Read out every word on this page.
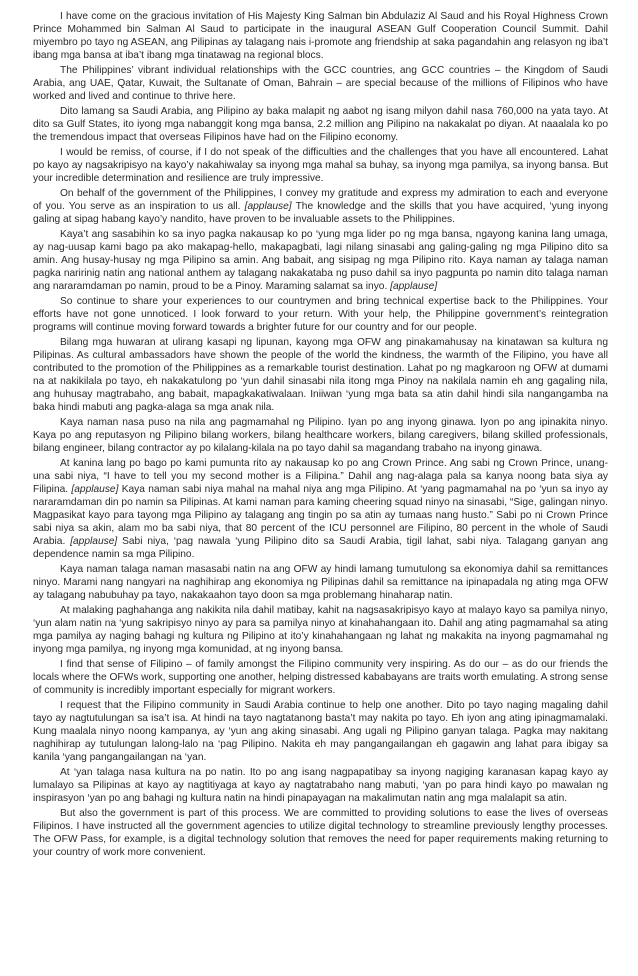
I have come on the gracious invitation of His Majesty King Salman bin Abdulaziz Al Saud and his Royal Highness Crown Prince Mohammed bin Salman Al Saud to participate in the inaugural ASEAN Gulf Cooperation Council Summit. Dahil miyembro po tayo ng ASEAN, ang Pilipinas ay talagang nais i-promote ang friendship at saka pagandahin ang relasyon ng iba’t ibang mga bansa at iba’t ibang mga tinatawag na regional blocs.

The Philippines’ vibrant individual relationships with the GCC countries, ang GCC countries – the Kingdom of Saudi Arabia, ang UAE, Qatar, Kuwait, the Sultanate of Oman, Bahrain – are special because of the millions of Filipinos who have worked and lived and continue to thrive here.

Dito lamang sa Saudi Arabia, ang Pilipino ay baka malapit ng aabot ng isang milyon dahil nasa 760,000 na yata tayo. At dito sa Gulf States, ito iyong mga nabanggit kong mga bansa, 2.2 million ang Pilipino na nakakalat po diyan. At naaalala ko po the tremendous impact that overseas Filipinos have had on the Filipino economy.

I would be remiss, of course, if I do not speak of the difficulties and the challenges that you have all encountered. Lahat po kayo ay nagsakripisyo na kayo’y nakahiwalay sa inyong mga mahal sa buhay, sa inyong mga pamilya, sa inyong bansa. But your incredible determination and resilience are truly impressive.

On behalf of the government of the Philippines, I convey my gratitude and express my admiration to each and everyone of you. You serve as an inspiration to us all. [applause] The knowledge and the skills that you have acquired, ‘yung inyong galing at sipag habang kayo’y nandito, have proven to be invaluable assets to the Philippines.

Kaya’t ang sasabihin ko sa inyo pagka nakausap ko po ‘yung mga lider po ng mga bansa, ngayong kanina lang umaga, ay nag-uusap kami bago pa ako makapag-hello, makapagbati, lagi nilang sinasabi ang galing-galing ng mga Pilipino dito sa amin. Ang husay-husay ng mga Pilipino sa amin. Ang babait, ang sisipag ng mga Pilipino rito. Kaya naman ay talaga naman pagka naririnig natin ang national anthem ay talagang nakakataba ng puso dahil sa inyo pagpunta po namin dito talaga naman ang nararamdaman po namin, proud to be a Pinoy. Maraming salamat sa inyo. [applause]

So continue to share your experiences to our countrymen and bring technical expertise back to the Philippines. Your efforts have not gone unnoticed. I look forward to your return. With your help, the Philippine government’s reintegration programs will continue moving forward towards a brighter future for our country and for our people.

Bilang mga huwaran at ulirang kasapi ng lipunan, kayong mga OFW ang pinakamahusay na kinatawan sa kultura ng Pilipinas. As cultural ambassadors have shown the people of the world the kindness, the warmth of the Filipino, you have all contributed to the promotion of the Philippines as a remarkable tourist destination. Lahat po ng magkaroon ng OFW at dumami na at nakikilala po tayo, eh nakakatulong po ‘yun dahil sinasabi nila itong mga Pinoy na nakilala namin eh ang gagaling nila, ang huhusay magtrabaho, ang babait, mapagkakatiwalaan. Iniiwan ‘yung mga bata sa atin dahil hindi sila nangangamba na baka hindi mabuti ang pagka-alaga sa mga anak nila.

Kaya naman nasa puso na nila ang pagmamahal ng Pilipino. Iyan po ang inyong ginawa. Iyon po ang ipinakita ninyo. Kaya po ang reputasyon ng Pilipino bilang workers, bilang healthcare workers, bilang caregivers, bilang skilled professionals, bilang engineer, bilang contractor ay po kilalang-kilala na po tayo dahil sa magandang trabaho na inyong ginawa.

At kanina lang po bago po kami pumunta rito ay nakausap ko po ang Crown Prince. Ang sabi ng Crown Prince, unang-una sabi niya, “I have to tell you my second mother is a Filipina.” Dahil ang nag-alaga pala sa kanya noong bata siya ay Filipina. [applause] Kaya naman sabi niya mahal na mahal niya ang mga Pilipino. At ‘yang pagmamahal na po ‘yun sa inyo ay nararamdaman din po namin sa Pilipinas. At kami naman para kaming cheering squad ninyo na sinasabi, “Sige, galingan ninyo. Magpasikat kayo para tayong mga Pilipino ay talagang ang tingin po sa atin ay tumaas nang husto.” Sabi po ni Crown Prince sabi niya sa akin, alam mo ba sabi niya, that 80 percent of the ICU personnel are Filipino, 80 percent in the whole of Saudi Arabia. [applause] Sabi niya, ‘pag nawala ‘yung Pilipino dito sa Saudi Arabia, tigil lahat, sabi niya. Talagang ganyan ang dependence namin sa mga Pilipino.

Kaya naman talaga naman masasabi natin na ang OFW ay hindi lamang tumutulong sa ekonomiya dahil sa remittances ninyo. Marami nang nangyari na naghihirap ang ekonomiya ng Pilipinas dahil sa remittance na ipinapadala ng ating mga OFW ay talagang nabubuhay pa tayo, nakakaahon tayo doon sa mga problemang hinaharap natin.

At malaking paghahanga ang nakikita nila dahil matibay, kahit na nagsasakripisyo kayo at malayo kayo sa pamilya ninyo, ‘yun alam natin na ‘yung sakripisyo ninyo ay para sa pamilya ninyo at kinahahangaan ito. Dahil ang ating pagmamahal sa ating mga pamilya ay naging bahagi ng kultura ng Pilipino at ito’y kinahahangaan ng lahat ng makakita na inyong pagmamahal ng inyong mga pamilya, ng inyong mga komunidad, at ng inyong bansa.

I find that sense of Filipino – of family amongst the Filipino community very inspiring. As do our – as do our friends the locals where the OFWs work, supporting one another, helping distressed kababayans are traits worth emulating. A strong sense of community is incredibly important especially for migrant workers.

I request that the Filipino community in Saudi Arabia continue to help one another. Dito po tayo naging magaling dahil tayo ay nagtutulungan sa isa’t isa. At hindi na tayo nagtatanong basta’t may nakita po tayo. Eh iyon ang ating ipinagmamalaki. Kung maalala ninyo noong kampanya, ay ‘yun ang aking sinasabi. Ang ugali ng Pilipino ganyan talaga. Pagka may nakitang naghihirap ay tutulungan lalong-lalo na ‘pag Pilipino. Nakita eh may pangangailangan eh gagawin ang lahat para ibigay sa kanila ‘yang pangangailangan na ‘yan.

At ‘yan talaga nasa kultura na po natin. Ito po ang isang nagpapatibay sa inyong nagiging karanasan kapag kayo ay lumalayo sa Pilipinas at kayo ay nagtitiyaga at kayo ay nagtatrabaho nang mabuti, ‘yan po para hindi kayo po mawalan ng inspirasyon ‘yan po ang bahagi ng kultura natin na hindi pinapayagan na makalimutan natin ang mga malalapit sa atin.

But also the government is part of this process. We are committed to providing solutions to ease the lives of overseas Filipinos. I have instructed all the government agencies to utilize digital technology to streamline previously lengthy processes. The OFW Pass, for example, is a digital technology solution that removes the need for paper requirements making returning to your country of work more convenient.
